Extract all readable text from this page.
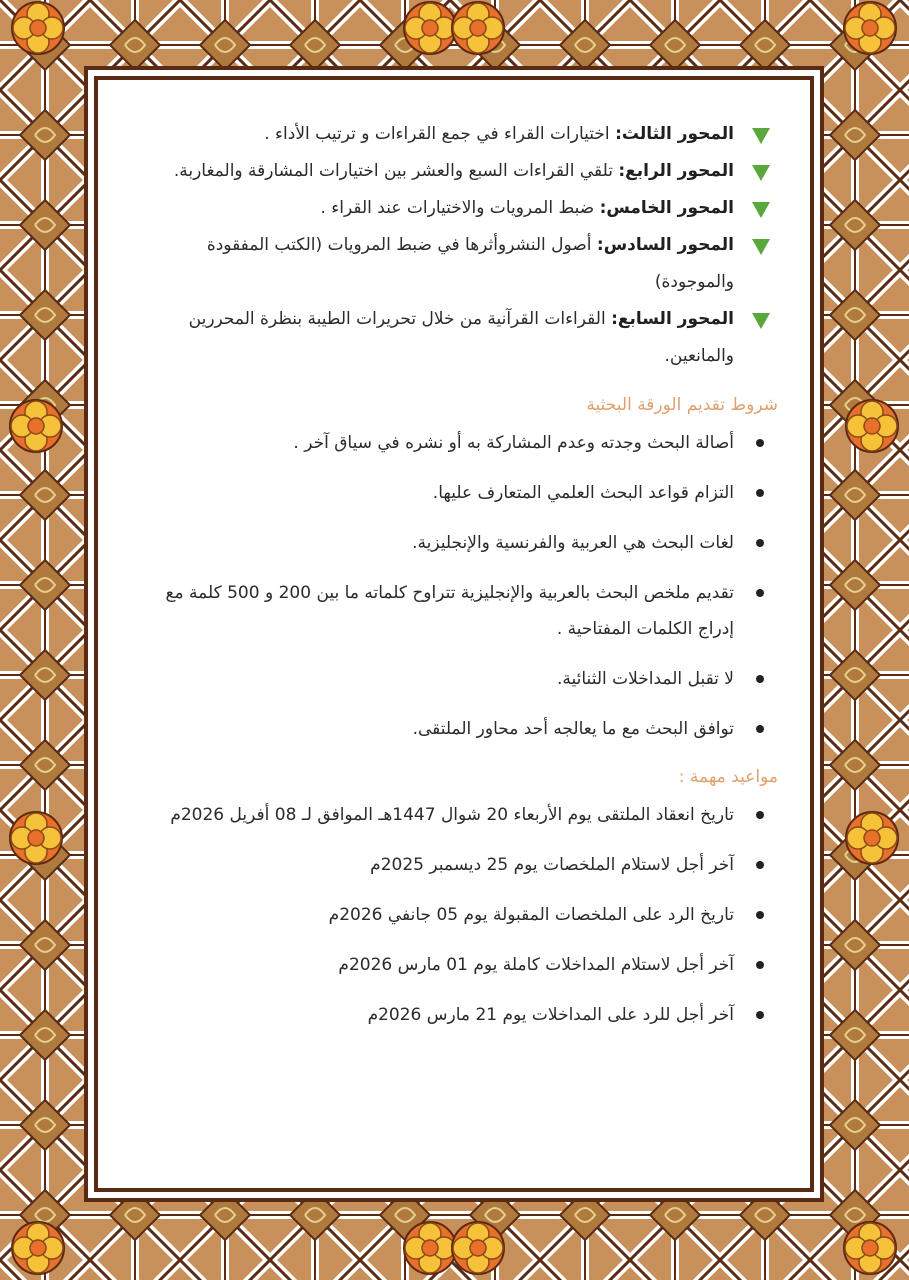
المحور الثالث: اختيارات القراء في جمع القراءات و ترتيب الأداء .
المحور الرابع: تلقي القراءات السبع والعشر بين اختيارات المشارقة والمغاربة.
المحور الخامس: ضبط المرويات والاختيارات عند القراء .
المحور السادس: أصول النشروأثرها في ضبط المرويات (الكتب المفقودة والموجودة)
المحور السابع: القراءات القرآنية من خلال تحريرات الطيبة بنظرة المحررين والمانعين.
شروط تقديم الورقة البحثية
أصالة البحث وجدته وعدم المشاركة به أو نشره في سياق آخر .
التزام قواعد البحث العلمي المتعارف عليها.
لغات البحث هي العربية والفرنسية والإنجليزية.
تقديم ملخص البحث بالعربية والإنجليزية تتراوح كلماته ما بين 200 و 500 كلمة مع إدراج الكلمات المفتاحية .
لا تقبل المداخلات الثنائية.
توافق البحث مع ما يعالجه أحد محاور الملتقى.
مواعيد مهمة :
تاريخ انعقاد الملتقى يوم الأربعاء 20 شوال 1447هـ الموافق لـ 08 أفريل 2026م
آخر أجل لاستلام الملخصات يوم 25 ديسمبر 2025م
تاريخ الرد على الملخصات المقبولة يوم 05 جانفي 2026م
آخر أجل لاستلام المداخلات كاملة يوم 01 مارس 2026م
آخر أجل للرد على المداخلات يوم 21 مارس 2026م
